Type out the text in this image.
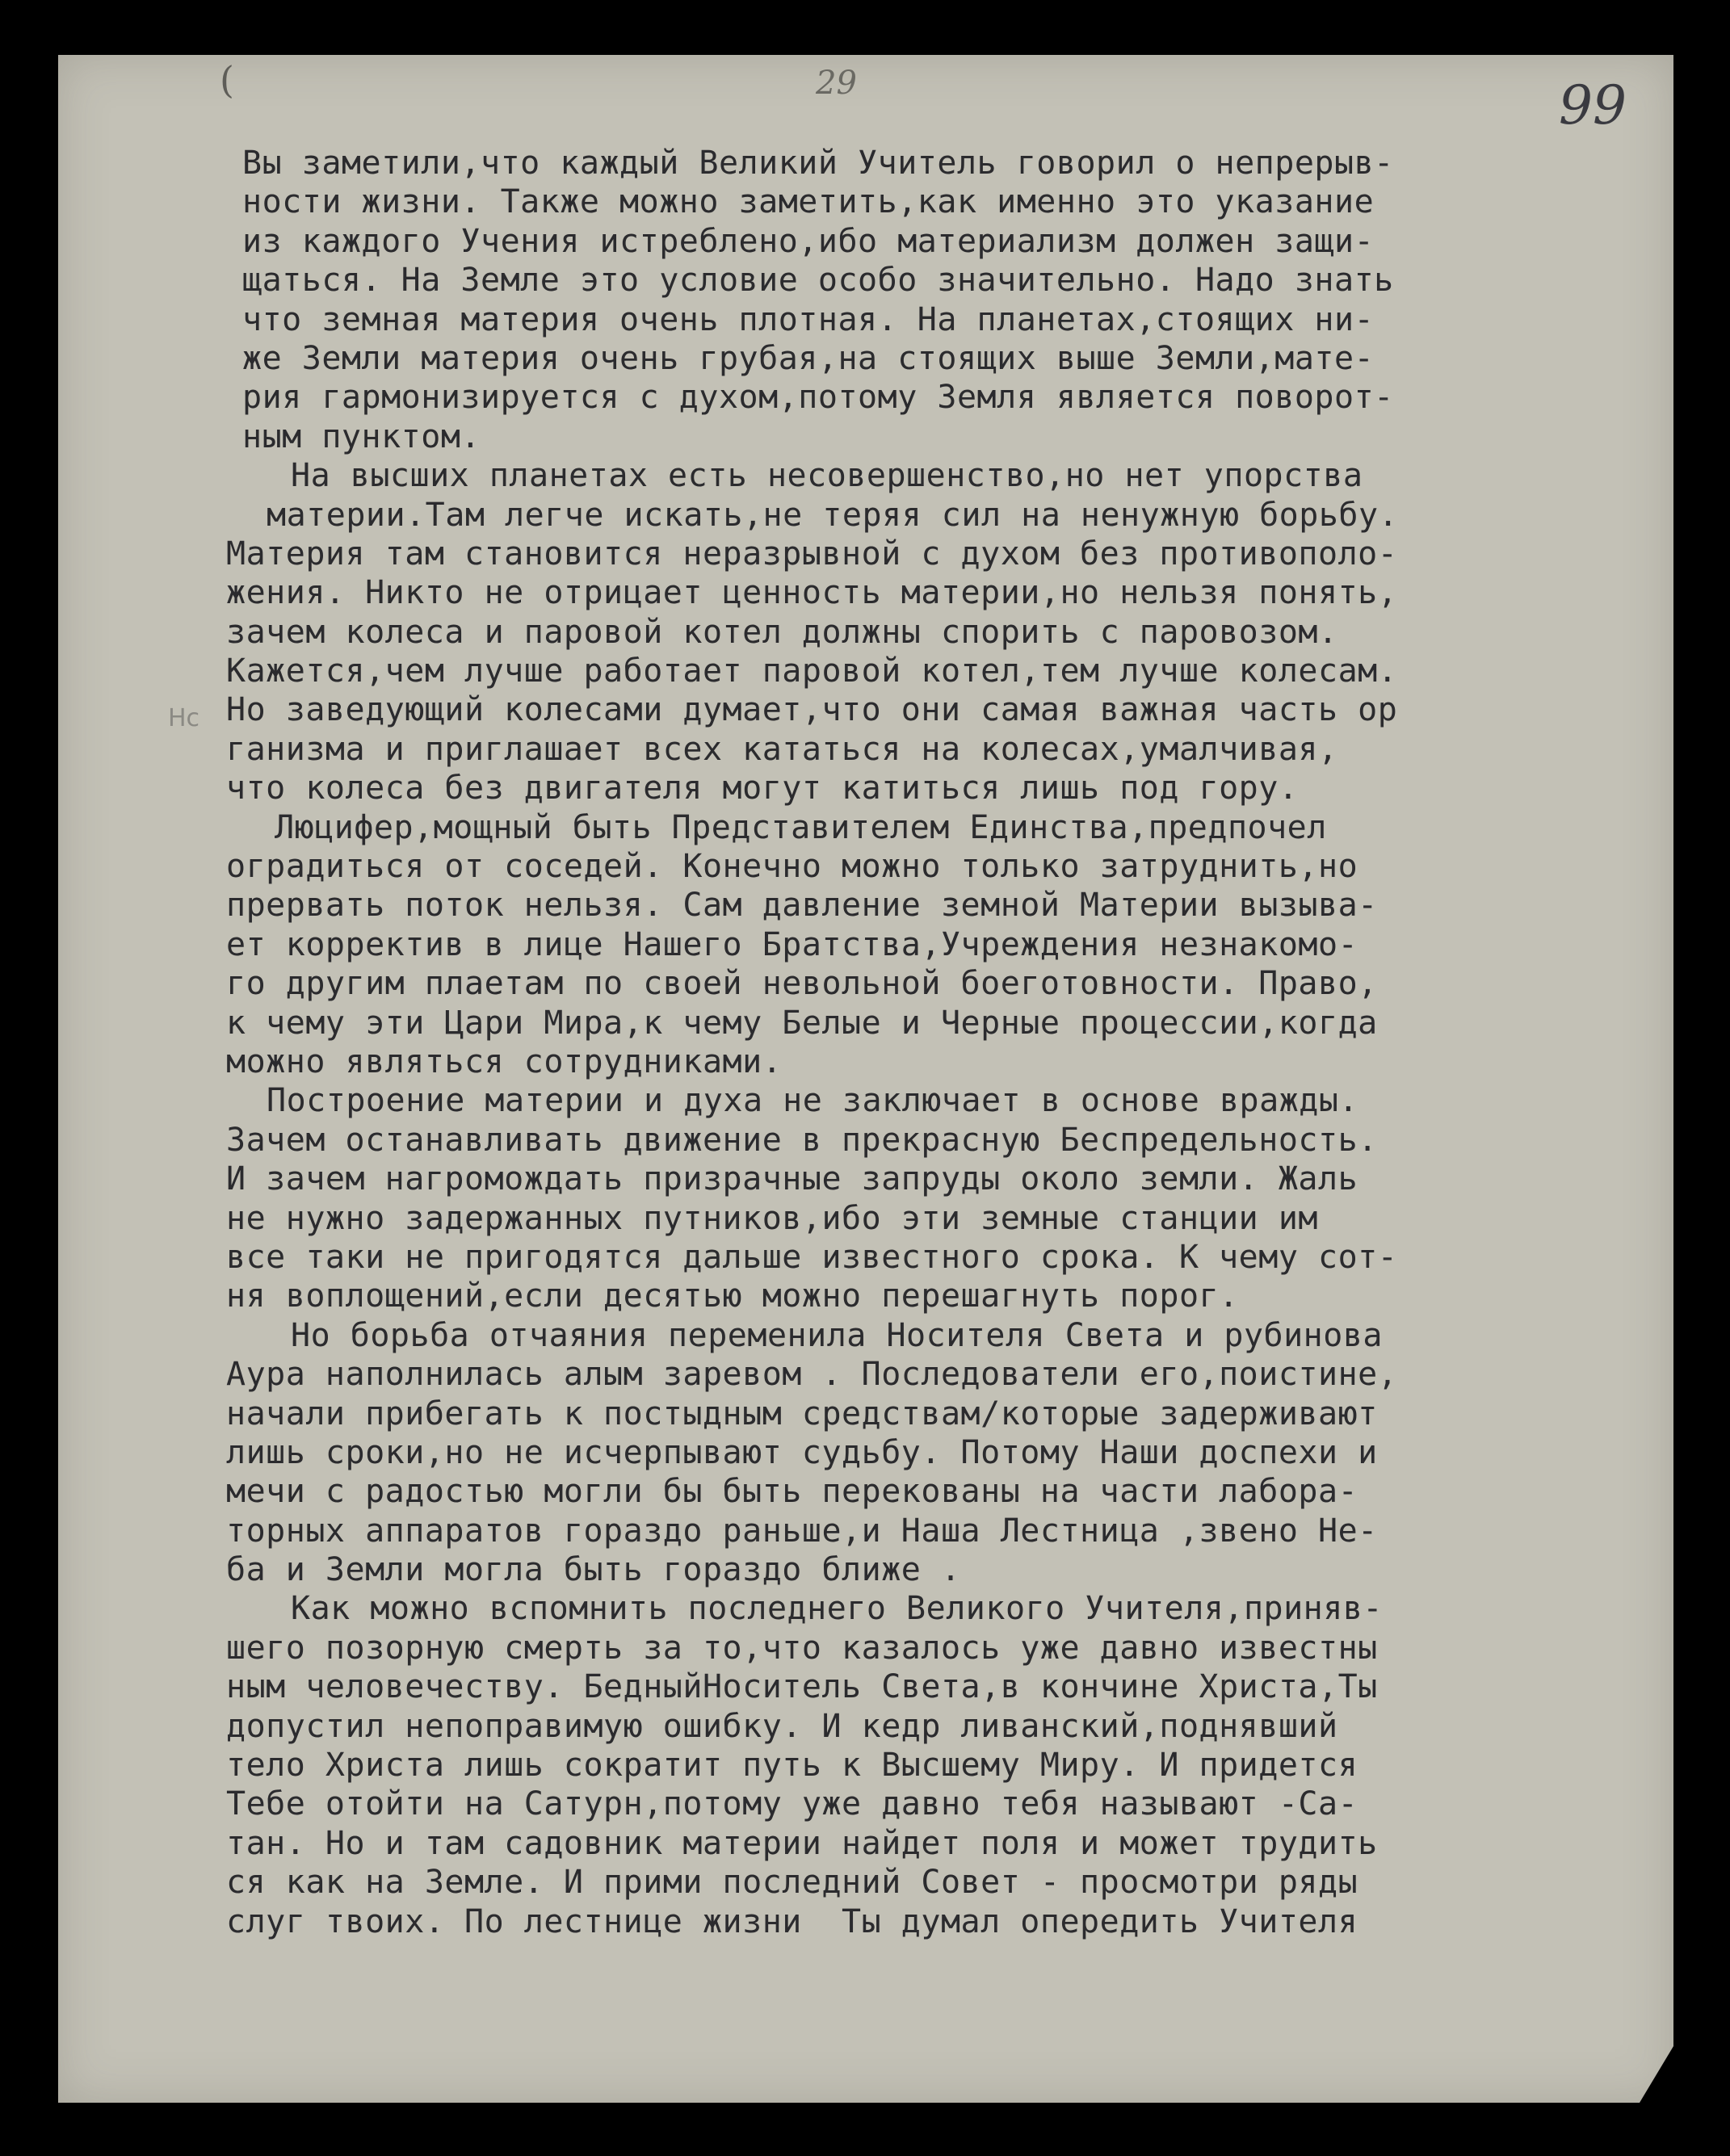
(	29	99
Нс
Вы заметили,что каждый Великий Учитель говорил о непрерыв-
ности жизни. Также можно заметить,как именно это указание
из каждого Учения истреблено,ибо материализм должен защи-
щаться. На Земле это условие особо значительно. Надо знать
что земная материя очень плотная. На планетах,стоящих ни-
же Земли материя очень грубая,на стоящих выше Земли,мате-
рия гармонизируется с духом,потому Земля является поворот-
ным пунктом.
На высших планетах есть несовершенство,но нет упорства
материи.Там легче искать,не теряя сил на ненужную борьбу.
Материя там становится неразрывной с духом без противополо-
жения. Никто не отрицает ценность материи,но нельзя понять,
зачем колеса и паровой котел должны спорить с паровозом.
Кажется,чем лучше работает паровой котел,тем лучше колесам.
Но заведующий колесами думает,что они самая важная часть ор
ганизма и приглашает всех кататься на колесах,умалчивая,
что колеса без двигателя могут катиться лишь под гору.
Люцифер,мощный быть Представителем Единства,предпочел
оградиться от соседей. Конечно можно только затруднить,но
прервать поток нельзя. Сам давление земной Материи вызыва-
ет корректив в лице Нашего Братства,Учреждения незнакомо-
го другим плаетам по своей невольной боеготовности. Право,
к чему эти Цари Мира,к чему Белые и Черные процессии,когда
можно являться сотрудниками.
Построение материи и духа не заключает в основе вражды.
Зачем останавливать движение в прекрасную Беспредельность.
И зачем нагромождать призрачные запруды около земли. Жаль
не нужно задержанных путников,ибо эти земные станции им
все таки не пригодятся дальше известного срока. К чему сот-
ня воплощений,если десятью можно перешагнуть порог.
Но борьба отчаяния переменила Носителя Света и рубинова
Аура наполнилась алым заревом . Последователи его,поистине,
начали прибегать к постыдным средствам/которые задерживают
лишь сроки,но не исчерпывают судьбу. Потому Наши доспехи и
мечи с радостью могли бы быть перекованы на части лабора-
торных аппаратов гораздо раньше,и Наша Лестница ,звено Не-
ба и Земли могла быть гораздо ближе .
Как можно вспомнить последнего Великого Учителя,приняв-
шего позорную смерть за то,что казалось уже давно известны
ным человечеству. БедныйНоситель Света,в кончине Христа,Ты
допустил непоправимую ошибку. И кедр ливанский,поднявший
тело Христа лишь сократит путь к Высшему Миру. И придется
Тебе отойти на Сатурн,потому уже давно тебя называют -Са-
тан. Но и там садовник материи найдет поля и может трудить
ся как на Земле. И прими последний Совет - просмотри ряды
слуг твоих. По лестнице жизни  Ты думал опередить Учителя
